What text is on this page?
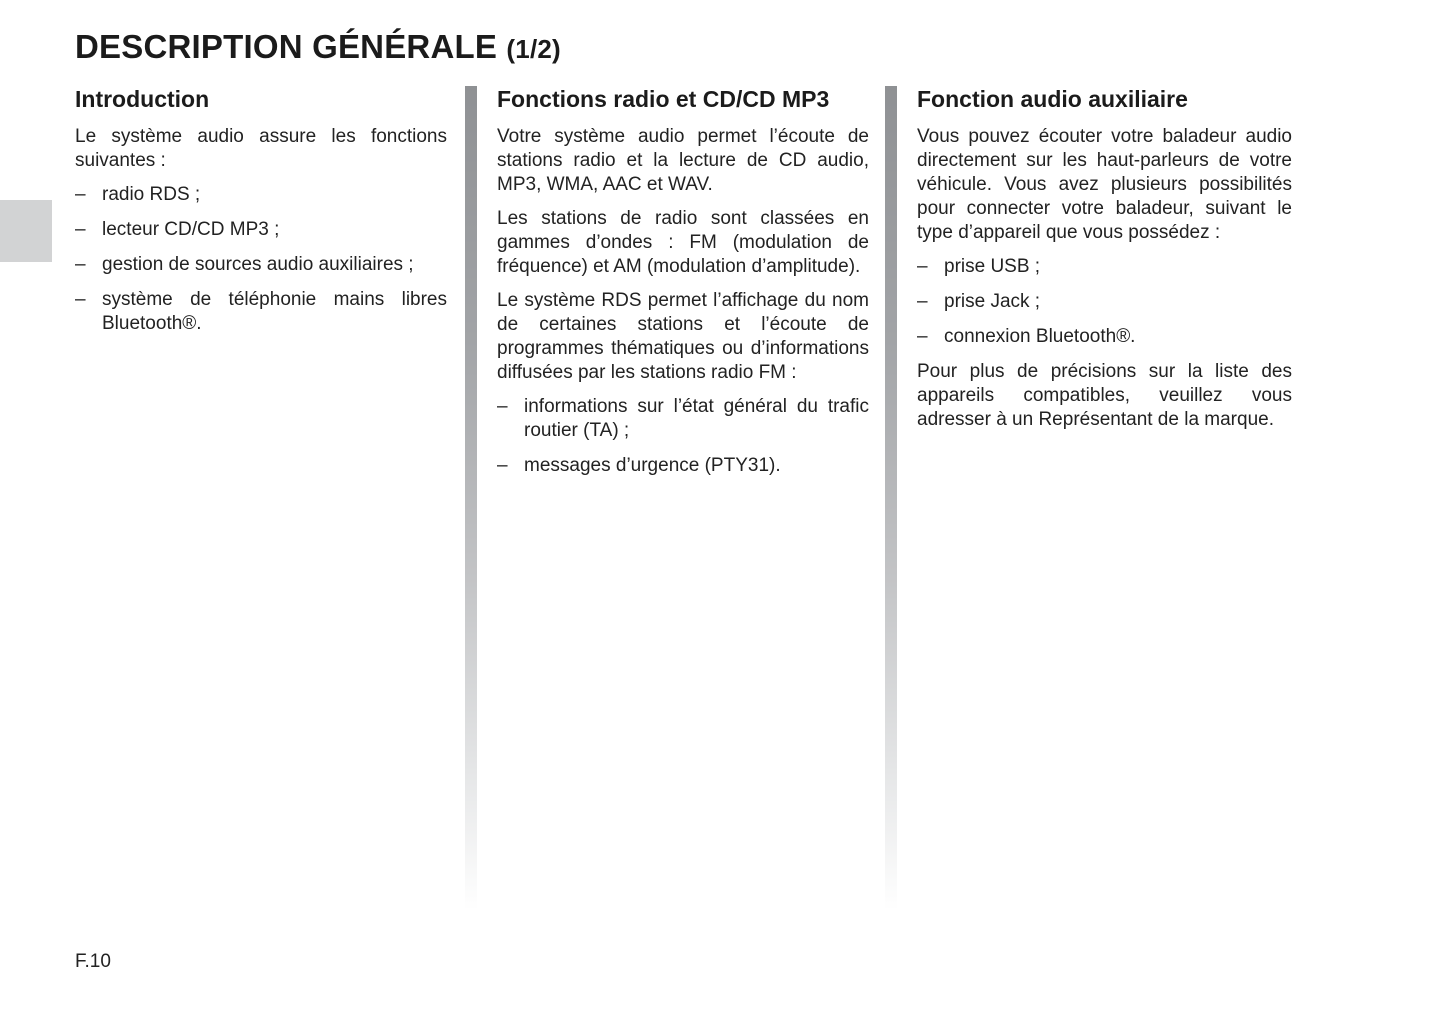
DESCRIPTION GÉNÉRALE (1/2)
Introduction

Le système audio assure les fonctions suivantes :

– radio RDS ;
– lecteur CD/CD MP3 ;
– gestion de sources audio auxiliaires ;
– système de téléphonie mains libres Bluetooth®.
Fonctions radio et CD/CD MP3

Votre système audio permet l’écoute de stations radio et la lecture de CD audio, MP3, WMA, AAC et WAV.

Les stations de radio sont classées en gammes d’ondes : FM (modulation de fréquence) et AM (modulation d’amplitude).

Le système RDS permet l’affichage du nom de certaines stations et l’écoute de programmes thématiques ou d’informations diffusées par les stations radio FM :

– informations sur l’état général du trafic routier (TA) ;
– messages d’urgence (PTY31).
Fonction audio auxiliaire

Vous pouvez écouter votre baladeur audio directement sur les haut-parleurs de votre véhicule. Vous avez plusieurs possibilités pour connecter votre baladeur, suivant le type d’appareil que vous possédez :

– prise USB ;
– prise Jack ;
– connexion Bluetooth®.

Pour plus de précisions sur la liste des appareils compatibles, veuillez vous adresser à un Représentant de la marque.

F.10
